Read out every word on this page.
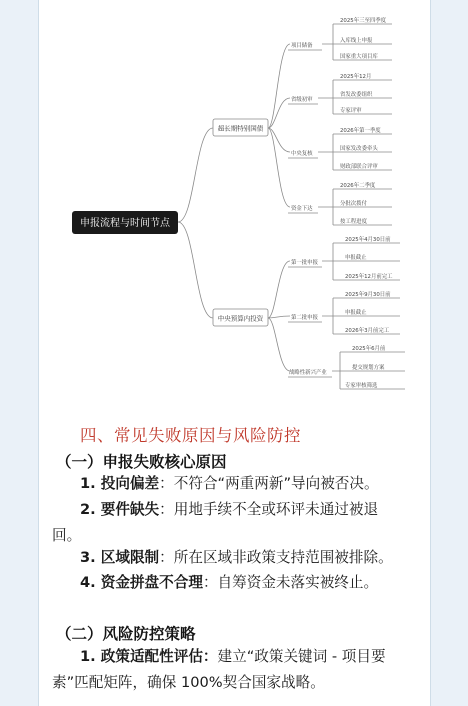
申报流程与时间节点
超长期特别国债
中央预算内投资
项目储备
省级初审
中央复核
资金下达
第一批申报
第二批申报
战略性新兴产业
2025年三至四季度
入库线上申报
国家重大项目库
2025年12月
省发改委组织
专家评审
2026年第一季度
国家发改委牵头
财政部联合评审
2026年二季度
分批次拨付
按工程进度
2025年4月30日前
申报截止
2025年12月前完工
2025年9月30日前
申报截止
2026年3月前完工
2025年6月前
提交规划方案
专家审核筛选
四、常见失败原因与风险防控
（一）申报失败核心原因
1. 投向偏差：不符合“两重两新”导向被否决。
2. 要件缺失：用地手续不全或环评未通过被退回。
3. 区域限制：所在区域非政策支持范围被排除。
4. 资金拼盘不合理：自筹资金未落实被终止。
（二）风险防控策略
1. 政策适配性评估：建立“政策关键词 - 项目要素”匹配矩阵，确保 100%契合国家战略。
